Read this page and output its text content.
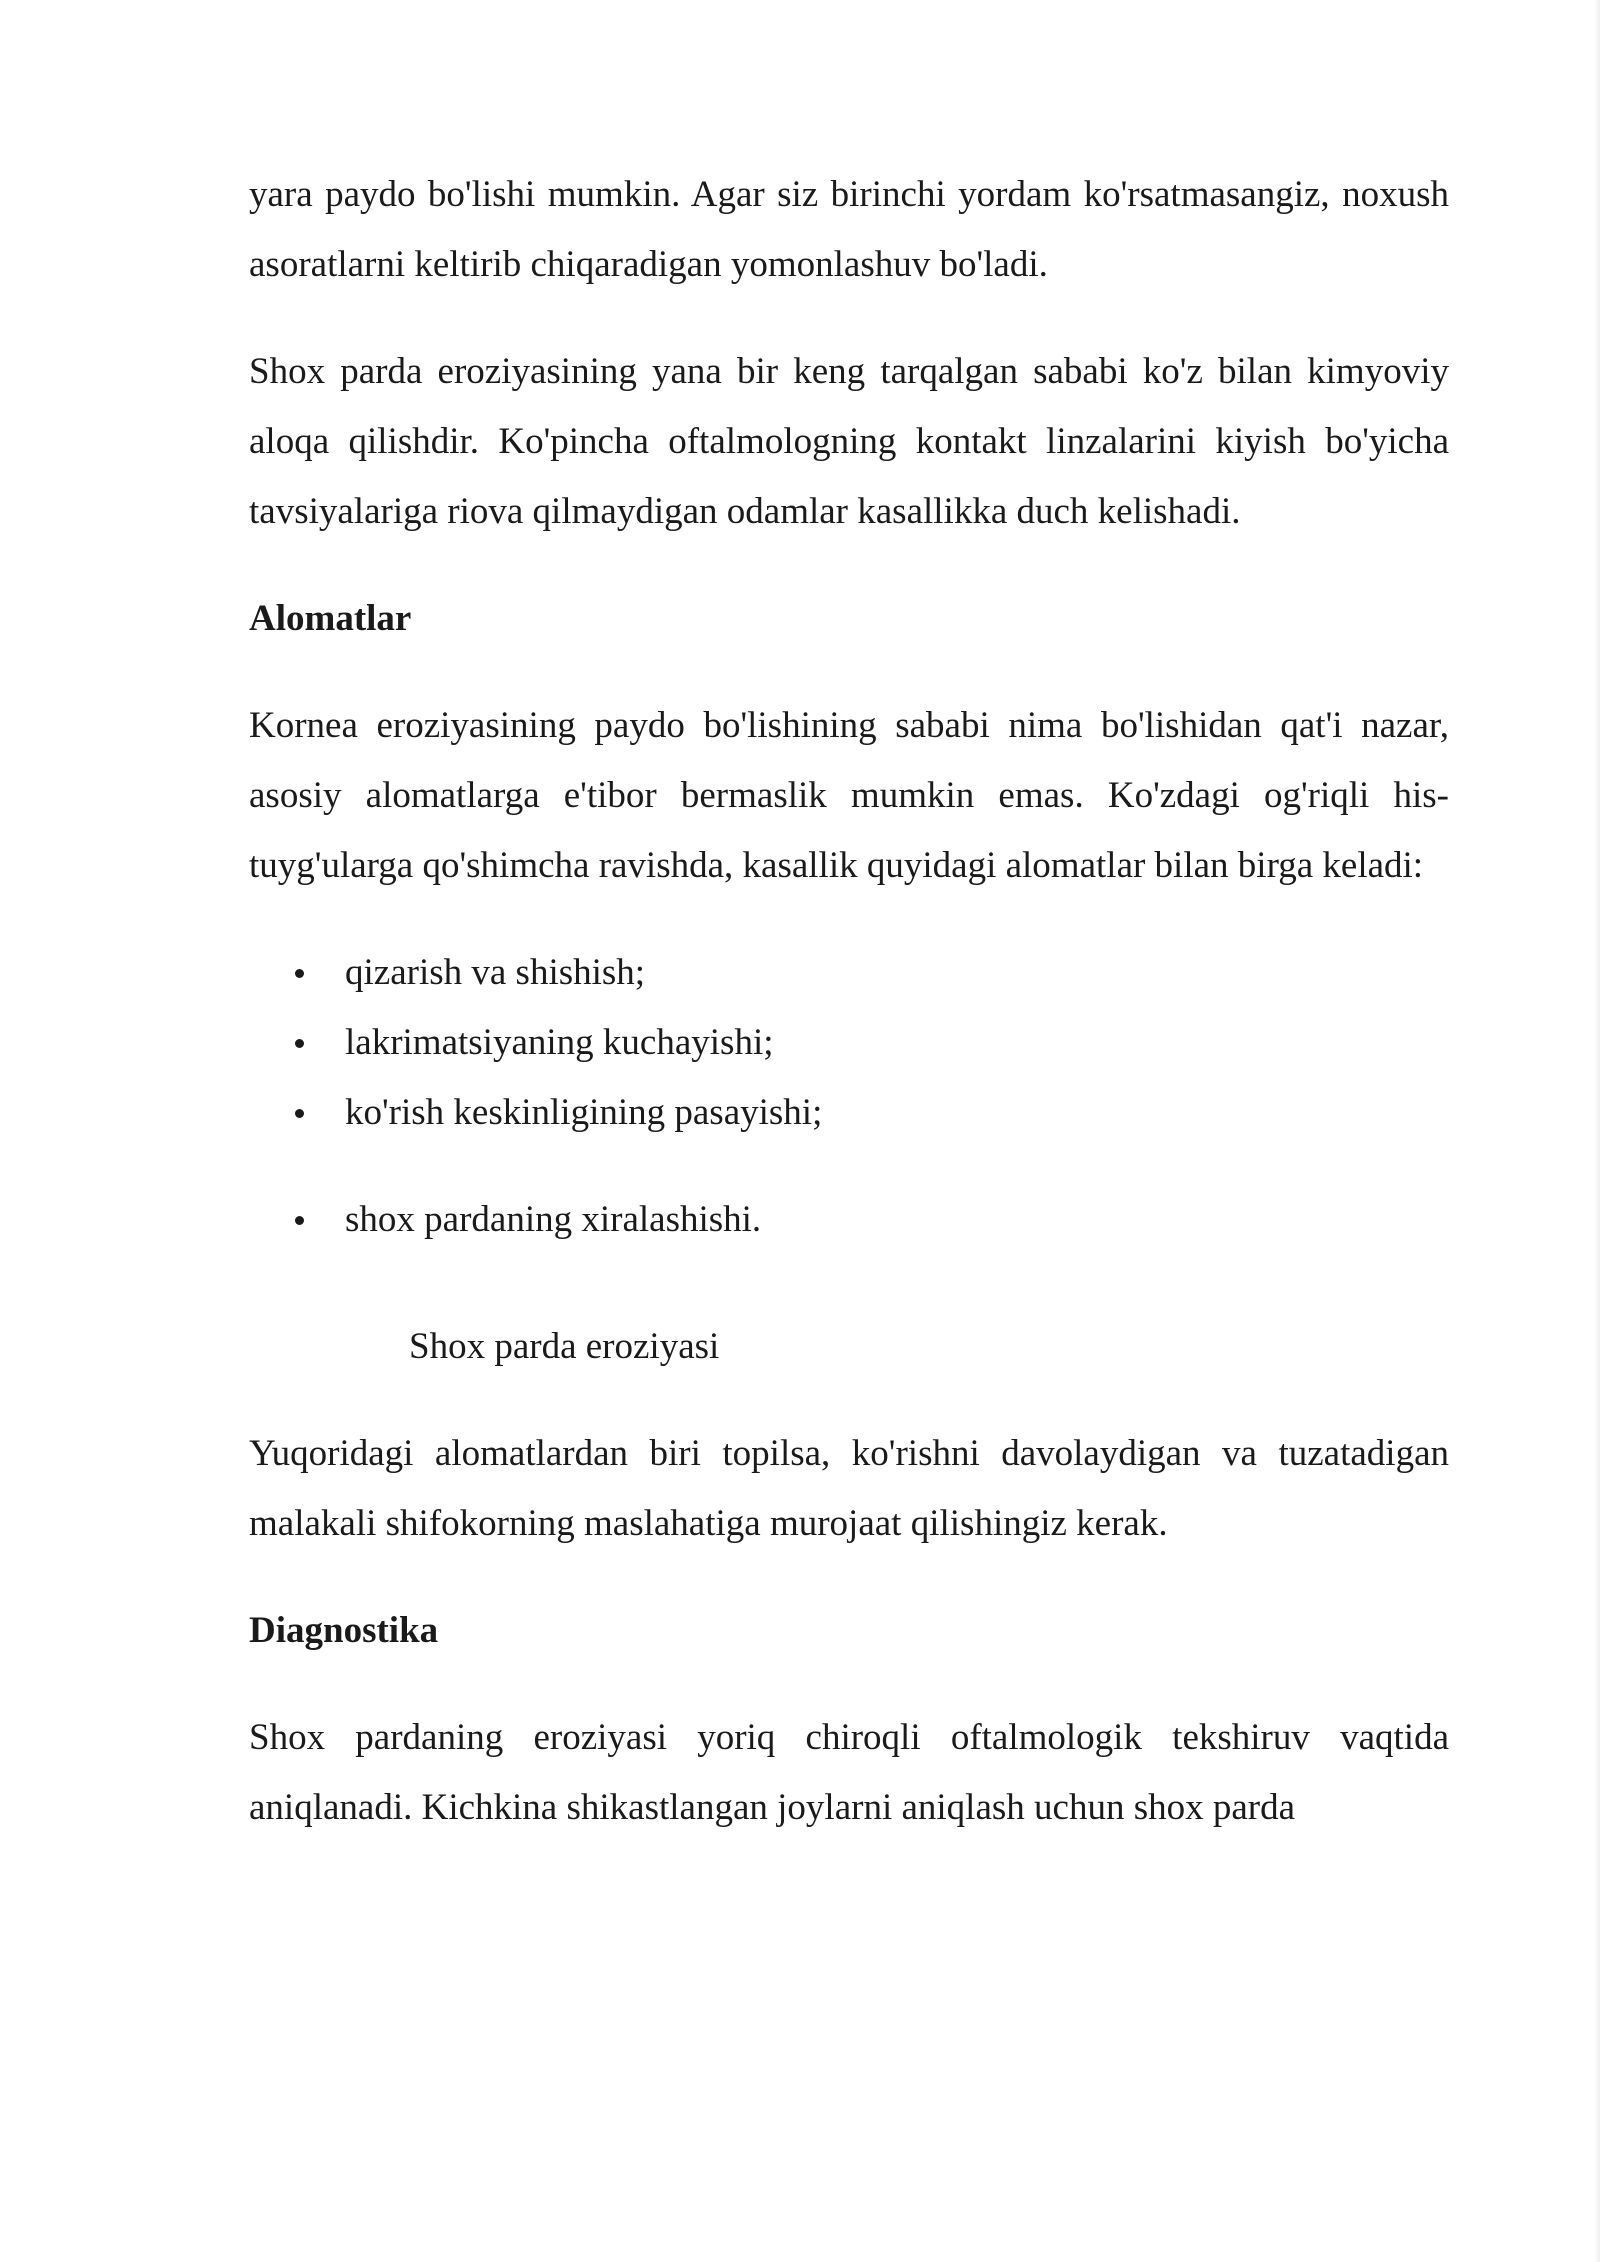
yara paydo bo'lishi mumkin. Agar siz birinchi yordam ko'rsatmasangiz, noxush asoratlarni keltirib chiqaradigan yomonlashuv bo'ladi.

Shox parda eroziyasining yana bir keng tarqalgan sababi ko'z bilan kimyoviy aloqa qilishdir. Ko'pincha oftalmologning kontakt linzalarini kiyish bo'yicha tavsiyalariga riova qilmaydigan odamlar kasallikka duch kelishadi.

Alomatlar

Kornea eroziyasining paydo bo'lishining sababi nima bo'lishidan qat'i nazar, asosiy alomatlarga e'tibor bermaslik mumkin emas. Ko'zdagi og'riqli his-tuyg'ularga qo'shimcha ravishda, kasallik quyidagi alomatlar bilan birga keladi:

qizarish va shishish;
lakrimatsiyaning kuchayishi;
ko'rish keskinligining pasayishi;
shox pardaning xiralashishi.
Shox parda eroziyasi

Yuqoridagi alomatlardan biri topilsa, ko'rishni davolaydigan va tuzatadigan malakali shifokorning maslahatiga murojaat qilishingiz kerak.

Diagnostika

Shox pardaning eroziyasi yoriq chiroqli oftalmologik tekshiruv vaqtida aniqlanadi. Kichkina shikastlangan joylarni aniqlash uchun shox parda
